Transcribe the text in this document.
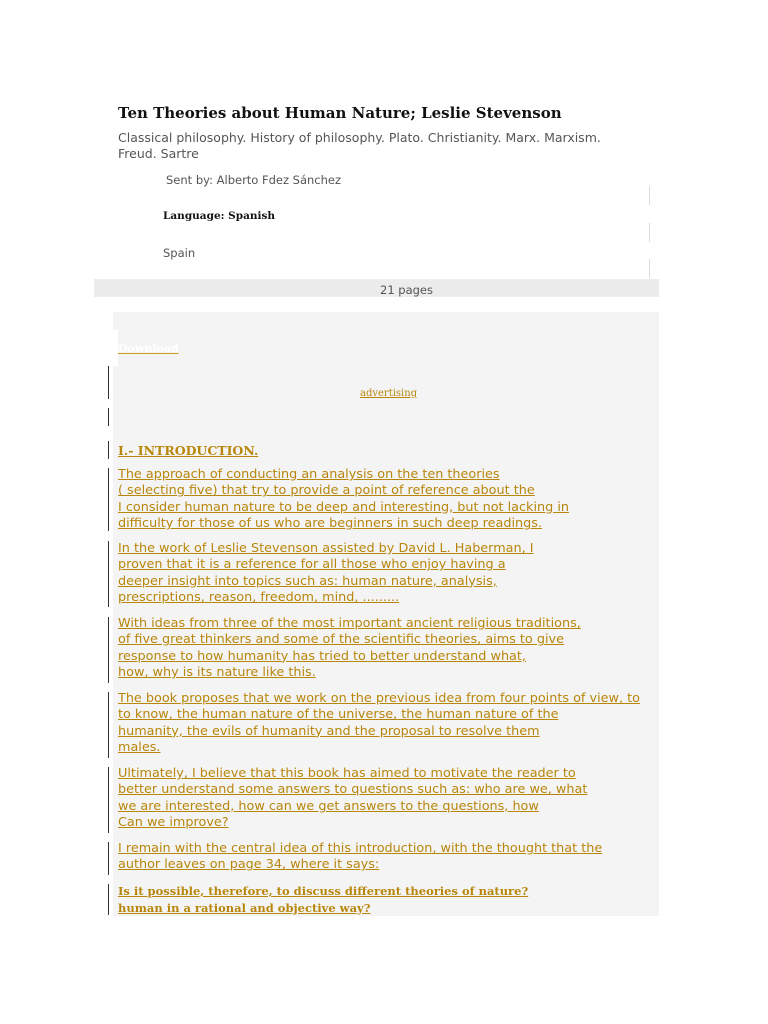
Ten Theories about Human Nature; Leslie Stevenson
Classical philosophy. History of philosophy. Plato. Christianity. Marx. Marxism. Freud. Sartre
Sent by: Alberto Fdez Sánchez
Language: Spanish
Spain
21 pages
Download
advertising
I.- INTRODUCTION.
The approach of conducting an analysis on the ten theories
( selecting five) that try to provide a point of reference about the
I consider human nature to be deep and interesting, but not lacking in
difficulty for those of us who are beginners in such deep readings.
In the work of Leslie Stevenson assisted by David L. Haberman, I
proven that it is a reference for all those who enjoy having a
deeper insight into topics such as: human nature, analysis,
prescriptions, reason, freedom, mind, .........
With ideas from three of the most important ancient religious traditions,
of five great thinkers and some of the scientific theories, aims to give
response to how humanity has tried to better understand what,
how, why is its nature like this.
The book proposes that we work on the previous idea from four points of view, to
to know, the human nature of the universe, the human nature of the
humanity, the evils of humanity and the proposal to resolve them
males.
Ultimately, I believe that this book has aimed to motivate the reader to
better understand some answers to questions such as: who are we, what
we are interested, how can we get answers to the questions, how
Can we improve?
I remain with the central idea of this introduction, with the thought that the
author leaves on page 34, where it says:
Is it possible, therefore, to discuss different theories of nature?
human in a rational and objective way?
